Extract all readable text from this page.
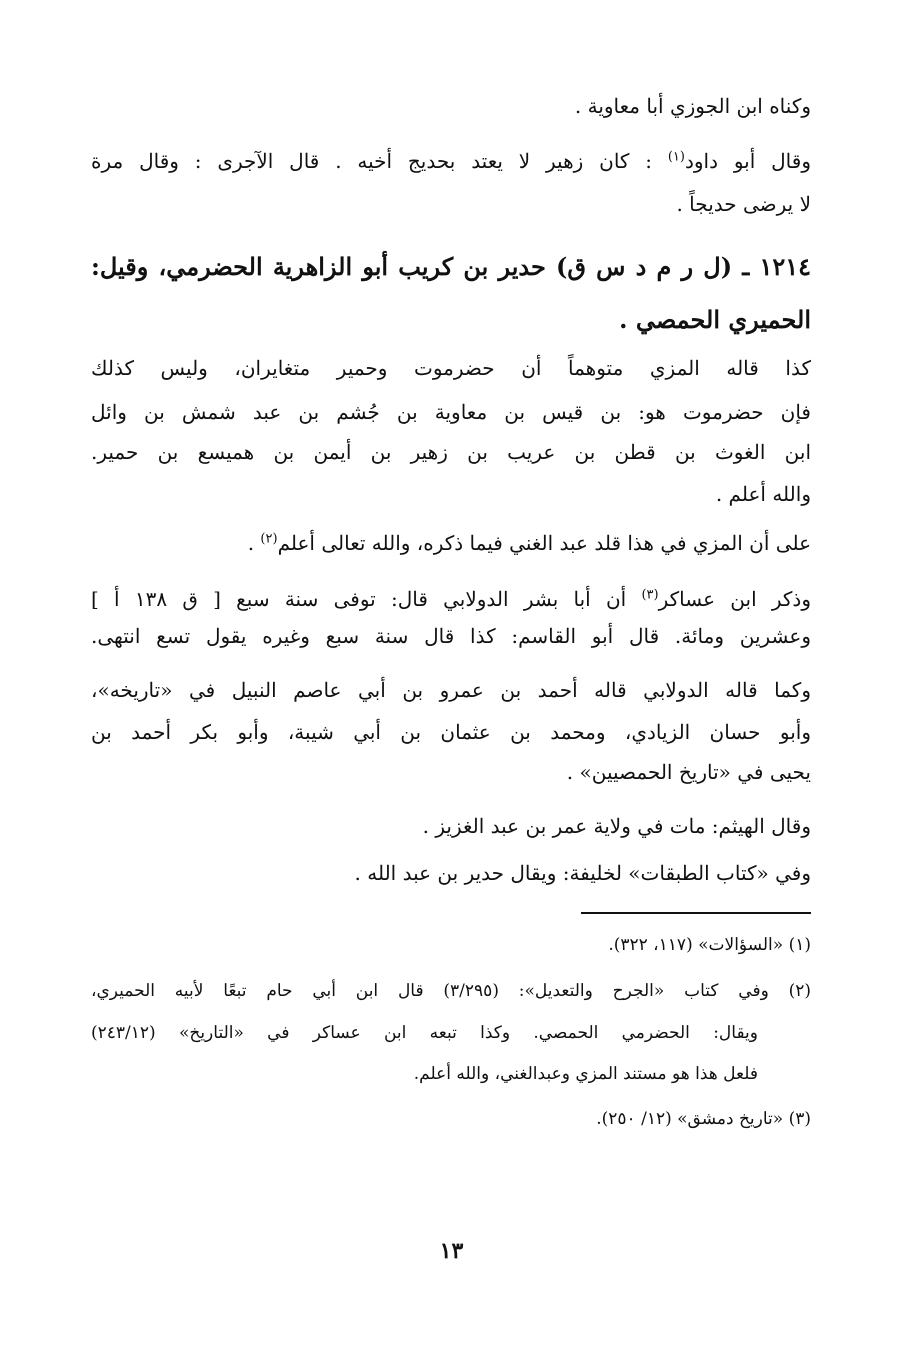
وكناه ابن الجوزي أبا معاوية .
وقال أبو داود$^{(١)}$ : كان زهير لا يعتد بحديج أخيه . قال الآجرى : وقال مرة
لا يرضى حديجاً .
١٢١٤ ـ (ل ر م د س ق) حدير بن كريب أبو الزاهرية الحضرمي، وقيل:
الحميري الحمصي .
كذا قاله المزي متوهماً أن حضرموت وحمير متغايران، وليس كذلك
فإن حضرموت هو: بن قيس بن معاوية بن جُشم بن عبد شمش بن وائل
ابن الغوث بن قطن بن عريب بن زهير بن أيمن بن هميسع بن حمير.
والله أعلم .
على أن المزي في هذا قلد عبد الغني فيما ذكره، والله تعالى أعلم$^{(٢)}$ .
وذكر ابن عساكر$^{(٣)}$ أن أبا بشر الدولابي قال: توفى سنة سبع [ ق ١٣٨ أ ]
وعشرين ومائة. قال أبو القاسم: كذا قال سنة سبع وغيره يقول تسع انتهى.
وكما قاله الدولابي قاله أحمد بن عمرو بن أبي عاصم النبيل في «تاريخه»،
وأبو حسان الزيادي، ومحمد بن عثمان بن أبي شيبة، وأبو بكر أحمد بن
يحيى في «تاريخ الحمصيين» .
وقال الهيثم: مات في ولاية عمر بن عبد الغزيز .
وفي «كتاب الطبقات» لخليفة: ويقال حدير بن عبد الله .
(١) «السؤالات» (١١٧، ٣٢٢).
(٢) وفي كتاب «الجرح والتعديل»: (٣/٢٩٥) قال ابن أبي حام تبعًا لأبيه الحميري،
ويقال: الحضرمي الحمصي. وكذا تبعه ابن عساكر في «التاريخ» (٢٤٣/١٢)
فلعل هذا هو مستند المزي وعبدالغني، والله أعلم.
(٣) «تاريخ دمشق» (١٢/ ٢٥٠).
١٣
